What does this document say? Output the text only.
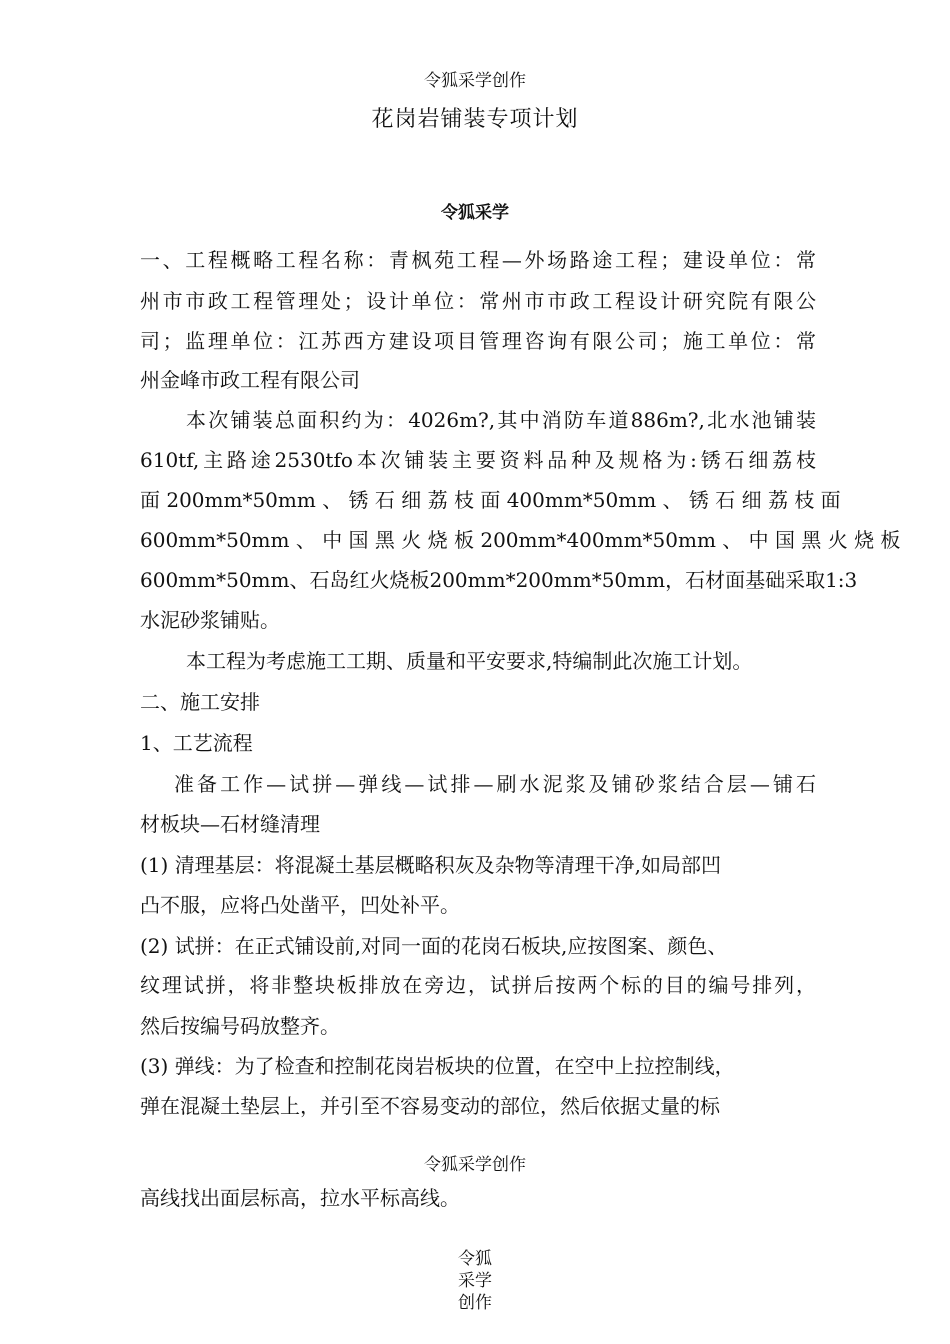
令狐采学创作
花岗岩铺装专项计划
令狐采学
一、工程概略工程名称：青枫苑工程—外场路途工程；建设单位：常
州市市政工程管理处；设计单位：常州市市政工程设计研究院有限公
司；监理单位：江苏西方建设项目管理咨询有限公司；施工单位：常
州金峰市政工程有限公司
本次铺装总面积约为：4026m?,其中消防车道886m?,北水池铺装
610tf,主路途2530tfo本次铺装主要资料品种及规格为:锈石细荔枝
面 200mm*50mm 、 锈 石 细 荔 枝 面 400mm*50mm 、 锈 石 细 荔 枝 面
600mm*50mm 、 中 国 黑 火 烧 板 200mm*400mm*50mm 、 中 国 黑 火 烧 板
600mm*50mm、石岛红火烧板200mm*200mm*50mm，石材面基础采取1:3
水泥砂浆铺贴。
本工程为考虑施工工期、质量和平安要求,特编制此次施工计划。
二、施工安排
1、工艺流程
准备工作—试拼—弹线—试排—刷水泥浆及铺砂浆结合层—铺石
材板块—石材缝清理
(1) 清理基层：将混凝土基层概略积灰及杂物等清理干净,如局部凹
凸不服，应将凸处凿平，凹处补平。
(2) 试拼：在正式铺设前,对同一面的花岗石板块,应按图案、颜色、
纹理试拼，将非整块板排放在旁边，试拼后按两个标的目的编号排列，
然后按编号码放整齐。
(3) 弹线：为了检查和控制花岗岩板块的位置，在空中上拉控制线，
弹在混凝土垫层上，并引至不容易变动的部位，然后依据丈量的标
令狐采学创作
高线找出面层标高，拉水平标高线。
令狐
采学
创作
